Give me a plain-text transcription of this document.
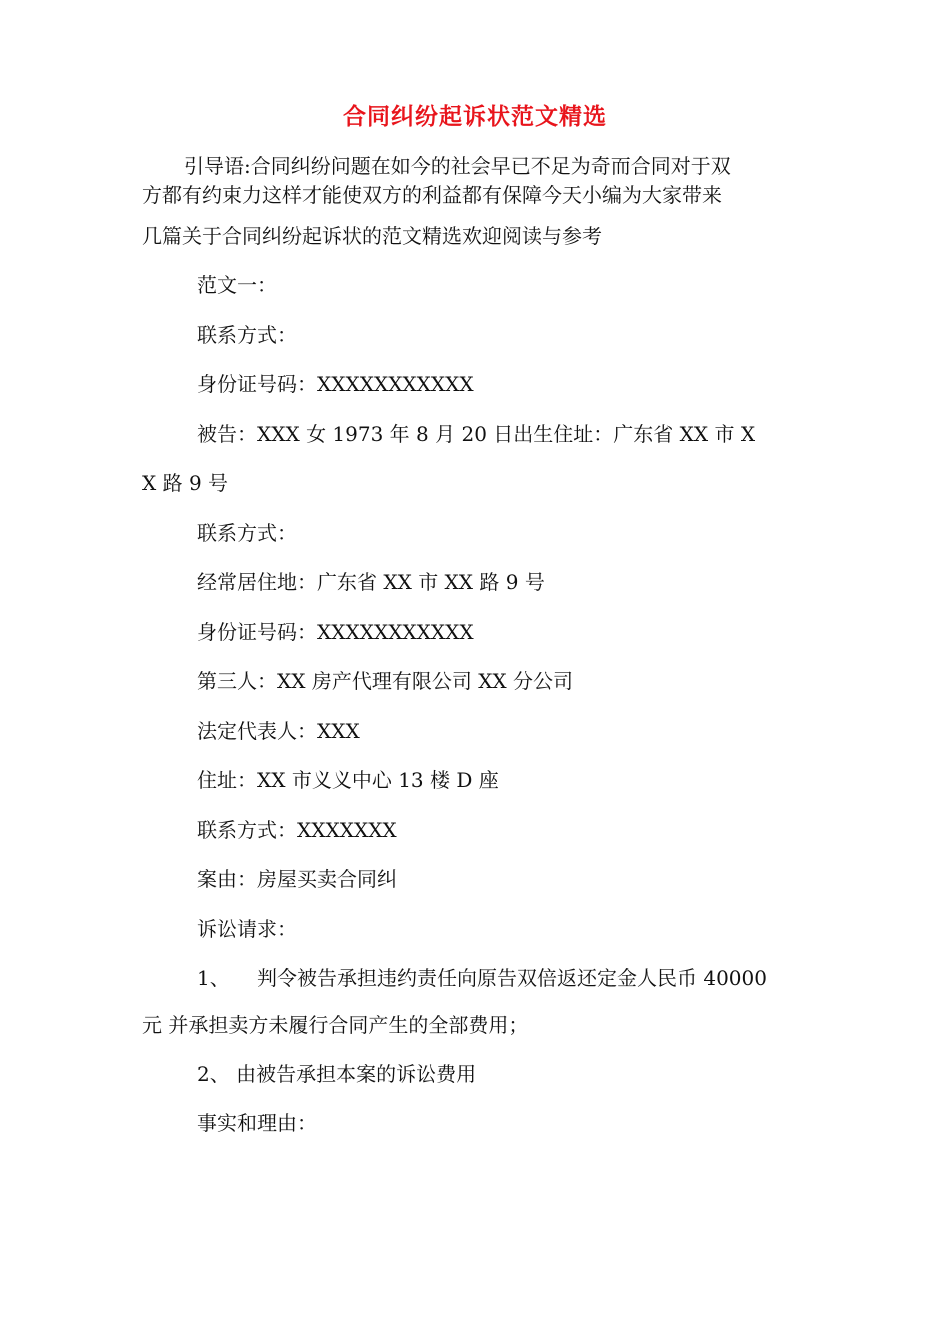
合同纠纷起诉状范文精选
引导语:合同纠纷问题在如今的社会早已不足为奇而合同对于双
方都有约束力这样才能使双方的利益都有保障今天小编为大家带来
几篇关于合同纠纷起诉状的范文精选欢迎阅读与参考
范文一：
联系方式：
身份证号码：XXXXXXXXXXX
被告：XXX 女 1973 年 8 月 20 日出生住址：广东省 XX 市 X
X 路 9 号
联系方式：
经常居住地：广东省 XX 市 XX 路 9 号
身份证号码：XXXXXXXXXXX
第三人：XX 房产代理有限公司 XX 分公司
法定代表人：XXX
住址：XX 市义义中心 13 楼 D 座
联系方式：XXXXXXX
案由：房屋买卖合同纠
诉讼请求：
1、 判令被告承担违约责任向原告双倍返还定金人民币 40000
元 并承担卖方未履行合同产生的全部费用；
2、 由被告承担本案的诉讼费用
事实和理由：
